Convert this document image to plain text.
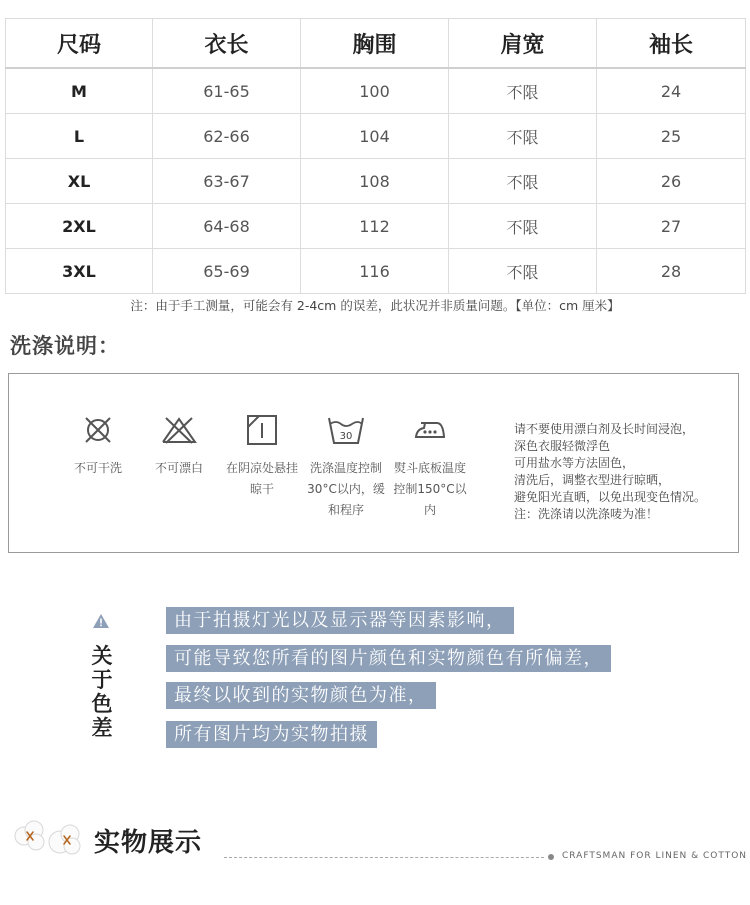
尺码	衣长	胸围	肩宽	袖长
M	61-65	100	不限	24
L	62-66	104	不限	25
XL	63-67	108	不限	26
2XL	64-68	112	不限	27
3XL	65-69	116	不限	28
注：由于手工测量，可能会有 2-4cm 的误差，此状况并非质量问题。【单位：cm 厘米】
洗涤说明：
不可干洗	不可漂白	在阴凉处悬挂晾干
30
洗涤温度控制30°C以内，缓和程序
熨斗底板温度控制150°C以内
请不要使用漂白剂及长时间浸泡，
深色衣服轻微浮色
可用盐水等方法固色，
清洗后，调整衣型进行晾晒，
避免阳光直晒，以免出现变色情况。
注：洗涤请以洗涤唛为准！
关
于
色
差
由于拍摄灯光以及显示器等因素影响，
可能导致您所看的图片颜色和实物颜色有所偏差，
最终以收到的实物颜色为准，
所有图片均为实物拍摄
实物展示	CRAFTSMAN FOR LINEN & COTTON
